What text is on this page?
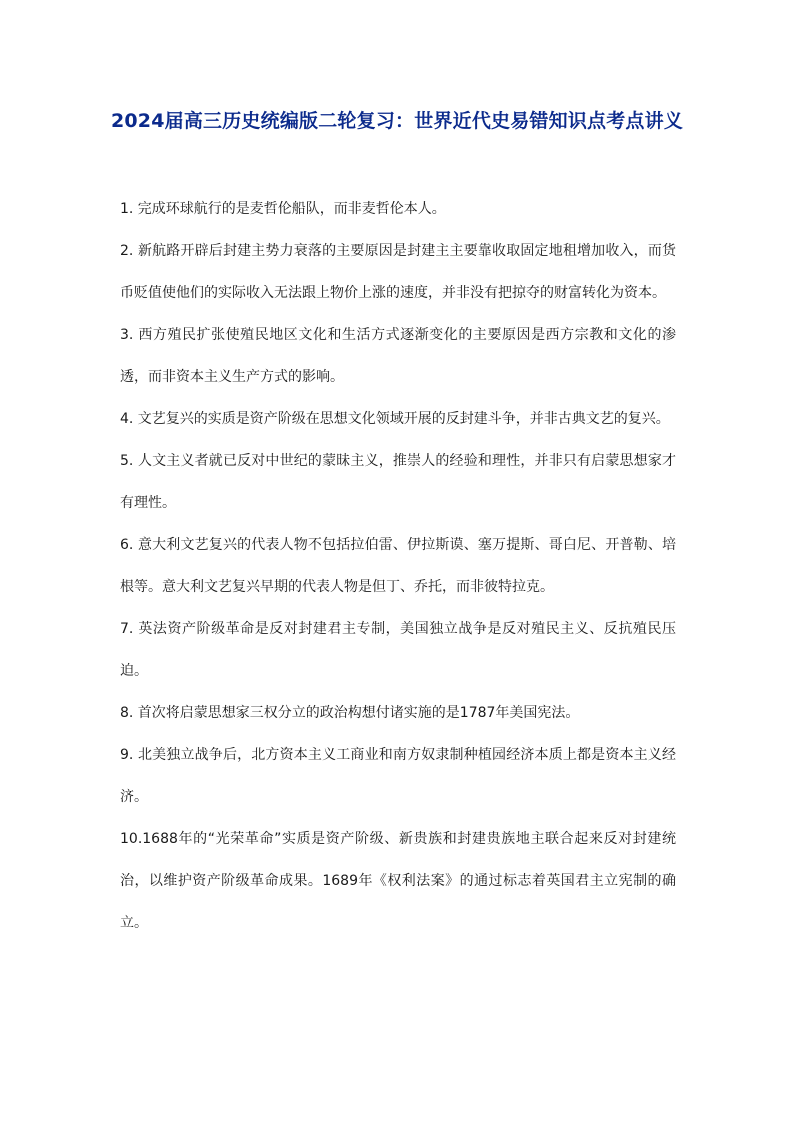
2024届高三历史统编版二轮复习：世界近代史易错知识点考点讲义

1. 完成环球航行的是麦哲伦船队，而非麦哲伦本人。

2. 新航路开辟后封建主势力衰落的主要原因是封建主主要靠收取固定地租增加收入，而货币贬值使他们的实际收入无法跟上物价上涨的速度，并非没有把掠夺的财富转化为资本。

3. 西方殖民扩张使殖民地区文化和生活方式逐渐变化的主要原因是西方宗教和文化的渗透，而非资本主义生产方式的影响。

4. 文艺复兴的实质是资产阶级在思想文化领域开展的反封建斗争，并非古典文艺的复兴。

5. 人文主义者就已反对中世纪的蒙昧主义，推崇人的经验和理性，并非只有启蒙思想家才有理性。

6. 意大利文艺复兴的代表人物不包括拉伯雷、伊拉斯谟、塞万提斯、哥白尼、开普勒、培根等。意大利文艺复兴早期的代表人物是但丁、乔托，而非彼特拉克。

7. 英法资产阶级革命是反对封建君主专制，美国独立战争是反对殖民主义、反抗殖民压迫。

8. 首次将启蒙思想家三权分立的政治构想付诸实施的是1787年美国宪法。

9. 北美独立战争后，北方资本主义工商业和南方奴隶制种植园经济本质上都是资本主义经济。

10.1688年的“光荣革命”实质是资产阶级、新贵族和封建贵族地主联合起来反对封建统治，以维护资产阶级革命成果。1689年《权利法案》的通过标志着英国君主立宪制的确立。
